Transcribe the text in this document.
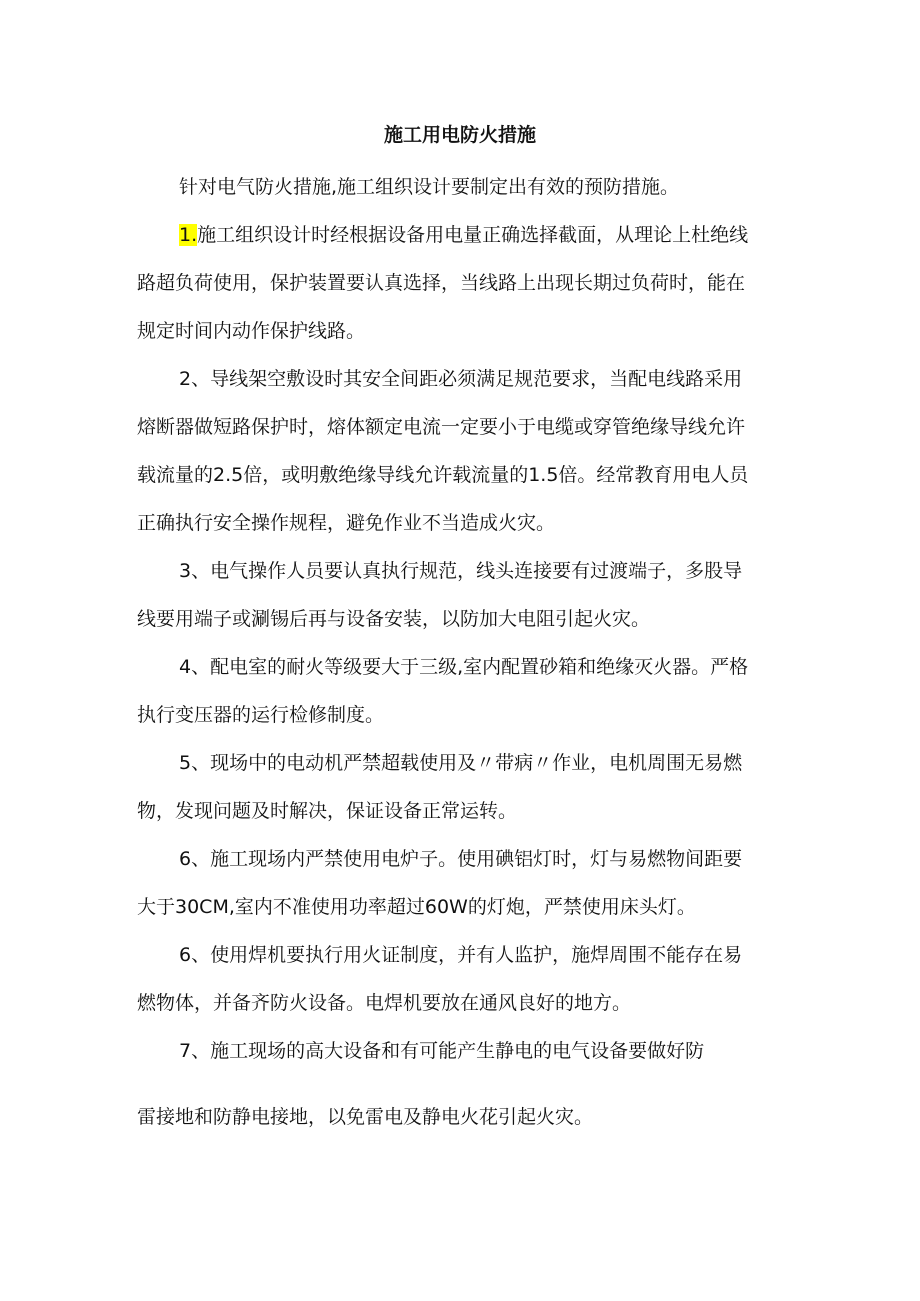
施工用电防火措施
针对电气防火措施,施工组织设计要制定出有效的预防措施。
1.施工组织设计时经根据设备用电量正确选择截面，从理论上杜绝线
路超负荷使用，保护装置要认真选择，当线路上出现长期过负荷时，能在
规定时间内动作保护线路。
2、导线架空敷设时其安全间距必须满足规范要求，当配电线路采用
熔断器做短路保护时，熔体额定电流一定要小于电缆或穿管绝缘导线允许
载流量的2.5倍，或明敷绝缘导线允许载流量的1.5倍。经常教育用电人员
正确执行安全操作规程，避免作业不当造成火灾。
3、电气操作人员要认真执行规范，线头连接要有过渡端子，多股导
线要用端子或涮锡后再与设备安装，以防加大电阻引起火灾。
4、配电室的耐火等级要大于三级,室内配置砂箱和绝缘灭火器。严格
执行变压器的运行检修制度。
5、现场中的电动机严禁超载使用及〃带病〃作业，电机周围无易燃
物，发现问题及时解决，保证设备正常运转。
6、施工现场内严禁使用电炉子。使用碘铝灯时，灯与易燃物间距要
大于30CM,室内不准使用功率超过60W的灯炮，严禁使用床头灯。
6、使用焊机要执行用火证制度，并有人监护，施焊周围不能存在易
燃物体，并备齐防火设备。电焊机要放在通风良好的地方。
7、施工现场的高大设备和有可能产生静电的电气设备要做好防
雷接地和防静电接地，以免雷电及静电火花引起火灾。
